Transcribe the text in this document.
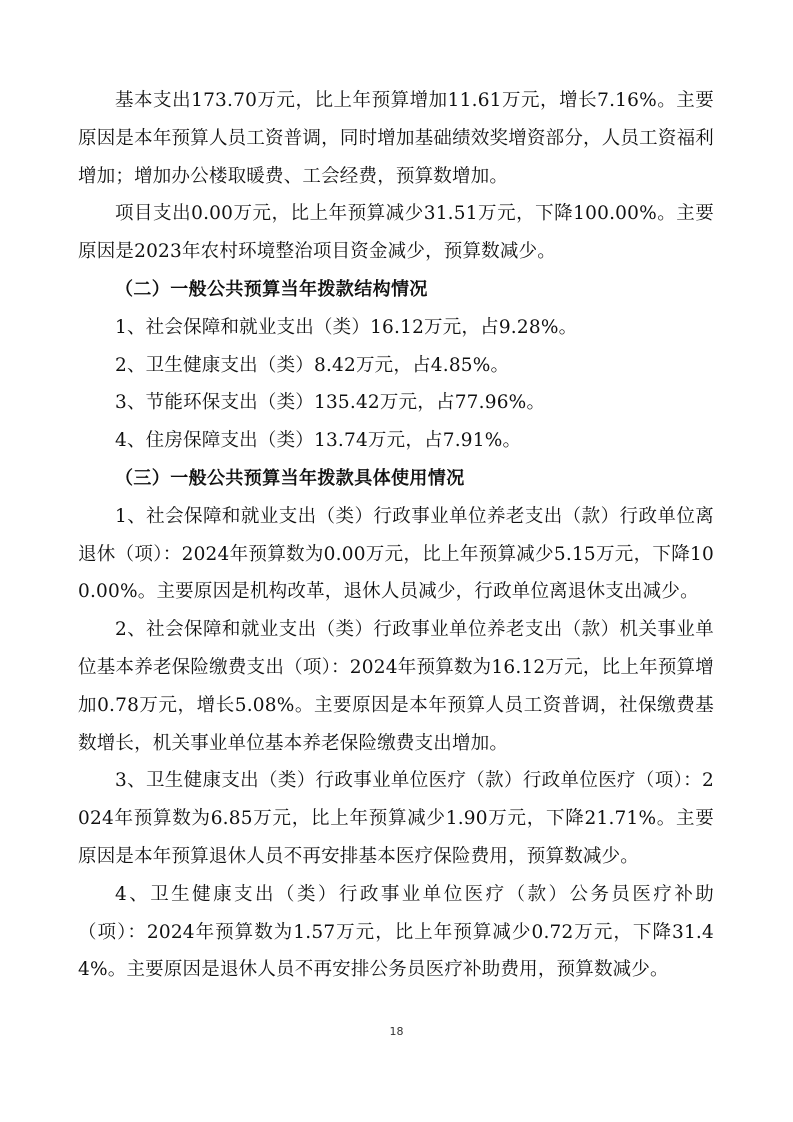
基本支出173.70万元，比上年预算增加11.61万元，增长7.16%。主要原因是本年预算人员工资普调，同时增加基础绩效奖增资部分，人员工资福利增加；增加办公楼取暖费、工会经费，预算数增加。

项目支出0.00万元，比上年预算减少31.51万元，下降100.00%。主要原因是2023年农村环境整治项目资金减少，预算数减少。

（二）一般公共预算当年拨款结构情况

1、社会保障和就业支出（类）16.12万元，占9.28%。

2、卫生健康支出（类）8.42万元，占4.85%。

3、节能环保支出（类）135.42万元，占77.96%。

4、住房保障支出（类）13.74万元，占7.91%。

（三）一般公共预算当年拨款具体使用情况

1、社会保障和就业支出（类）行政事业单位养老支出（款）行政单位离退休（项）：2024年预算数为0.00万元，比上年预算减少5.15万元，下降100.00%。主要原因是机构改革，退休人员减少，行政单位离退休支出减少。

2、社会保障和就业支出（类）行政事业单位养老支出（款）机关事业单位基本养老保险缴费支出（项）：2024年预算数为16.12万元，比上年预算增加0.78万元，增长5.08%。主要原因是本年预算人员工资普调，社保缴费基数增长，机关事业单位基本养老保险缴费支出增加。

3、卫生健康支出（类）行政事业单位医疗（款）行政单位医疗（项）：2024年预算数为6.85万元，比上年预算减少1.90万元，下降21.71%。主要原因是本年预算退休人员不再安排基本医疗保险费用，预算数减少。

4、卫生健康支出（类）行政事业单位医疗（款）公务员医疗补助（项）：2024年预算数为1.57万元，比上年预算减少0.72万元，下降31.44%。主要原因是退休人员不再安排公务员医疗补助费用，预算数减少。

18
